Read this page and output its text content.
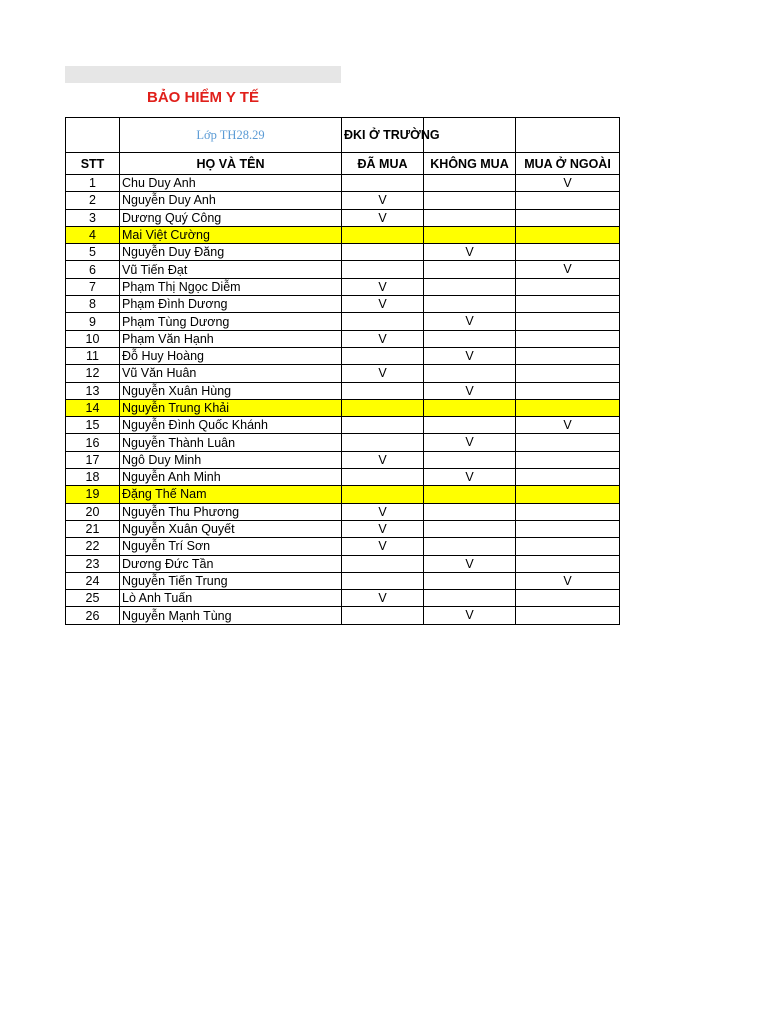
BẢO HIỂM Y TẾ
	Lớp TH28.29	ĐKI Ở TRƯỜNG		
STT	HỌ VÀ TÊN	ĐÃ MUA	KHÔNG MUA	MUA Ở NGOÀI
1	Chu Duy Anh			V
2	Nguyễn Duy Anh	V		
3	Dương Quý Công	V		
4	Mai Việt Cường			
5	Nguyễn Duy Đăng		V	
6	Vũ Tiến Đạt			V
7	Phạm Thị Ngọc Diễm	V		
8	Phạm Đình Dương	V		
9	Phạm Tùng Dương		V	
10	Phạm Văn Hạnh	V		
11	Đỗ Huy Hoàng		V	
12	Vũ Văn Huân	V		
13	Nguyễn Xuân Hùng		V	
14	Nguyễn Trung Khải			
15	Nguyễn Đình Quốc Khánh			V
16	Nguyễn Thành Luân		V	
17	Ngô Duy Minh	V		
18	Nguyễn Anh Minh		V	
19	Đặng Thế Nam			
20	Nguyễn Thu Phương	V		
21	Nguyễn Xuân Quyết	V		
22	Nguyễn Trí Sơn	V		
23	Dương Đức Tần		V	
24	Nguyễn Tiến Trung			V
25	Lò Anh Tuấn	V		
26	Nguyễn Mạnh Tùng		V	
